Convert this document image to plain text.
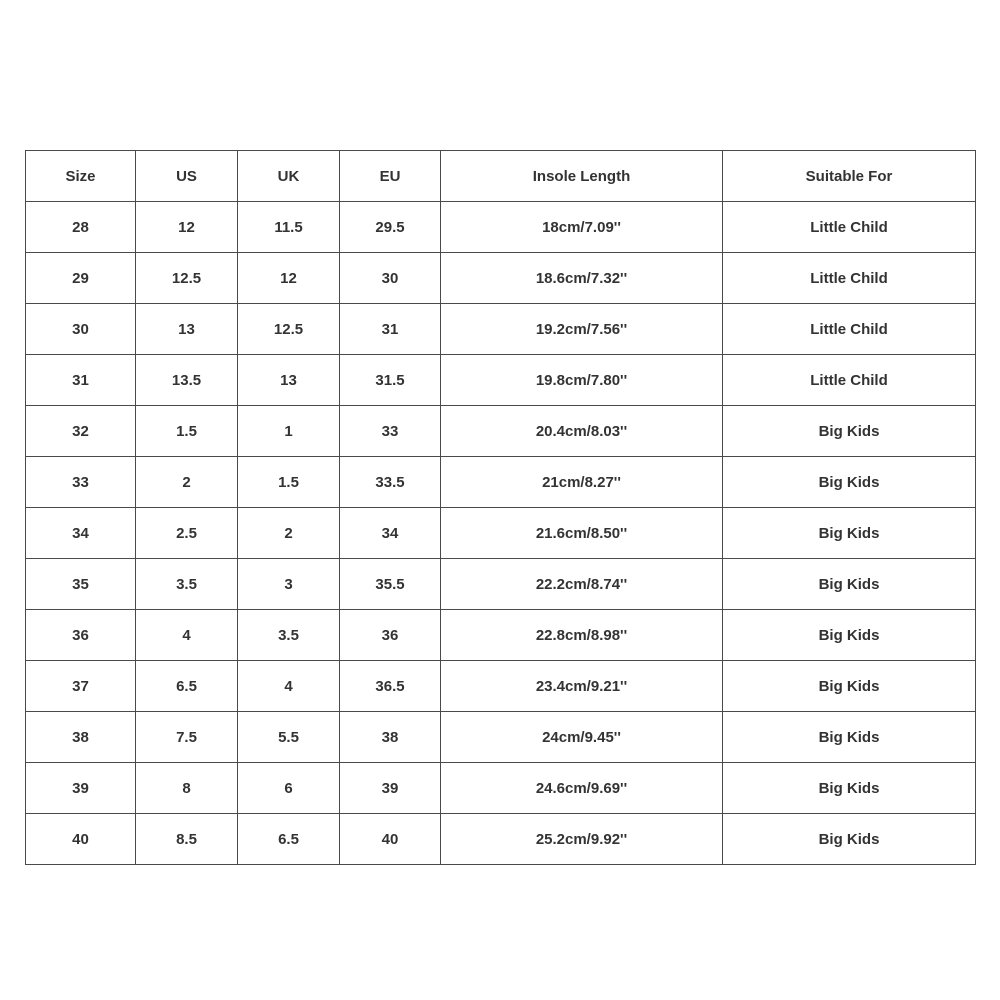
Size	US	UK	EU	Insole Length	Suitable For
28	12	11.5	29.5	18cm/7.09''	Little Child
29	12.5	12	30	18.6cm/7.32''	Little Child
30	13	12.5	31	19.2cm/7.56''	Little Child
31	13.5	13	31.5	19.8cm/7.80''	Little Child
32	1.5	1	33	20.4cm/8.03''	Big Kids
33	2	1.5	33.5	21cm/8.27''	Big Kids
34	2.5	2	34	21.6cm/8.50''	Big Kids
35	3.5	3	35.5	22.2cm/8.74''	Big Kids
36	4	3.5	36	22.8cm/8.98''	Big Kids
37	6.5	4	36.5	23.4cm/9.21''	Big Kids
38	7.5	5.5	38	24cm/9.45''	Big Kids
39	8	6	39	24.6cm/9.69''	Big Kids
40	8.5	6.5	40	25.2cm/9.92''	Big Kids
